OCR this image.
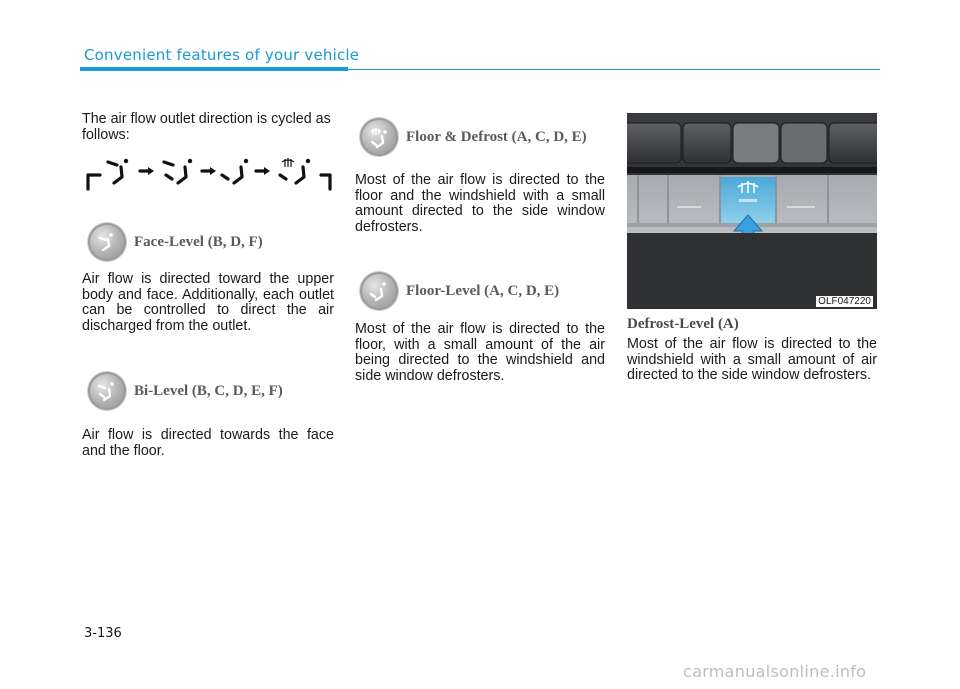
Convenient features of your vehicle

The air flow outlet direction is cycled as follows:

Face-Level (B, D, F)

Air flow is directed toward the upper body and face. Additionally, each outlet can be controlled to direct the air discharged from the outlet.

Bi-Level (B, C, D, E, F)

Air flow is directed towards the face and the floor.

Floor & Defrost (A, C, D, E)

Most of the air flow is directed to the floor and the windshield with a small amount directed to the side window defrosters.

Floor-Level (A, C, D, E)

Most of the air flow is directed to the floor, with a small amount of the air being directed to the windshield and side window defrosters.

OLF047220
Defrost-Level (A)

Most of the air flow is directed to the windshield with a small amount of air directed to the side window defrosters.

3-136
carmanualsonline.info
